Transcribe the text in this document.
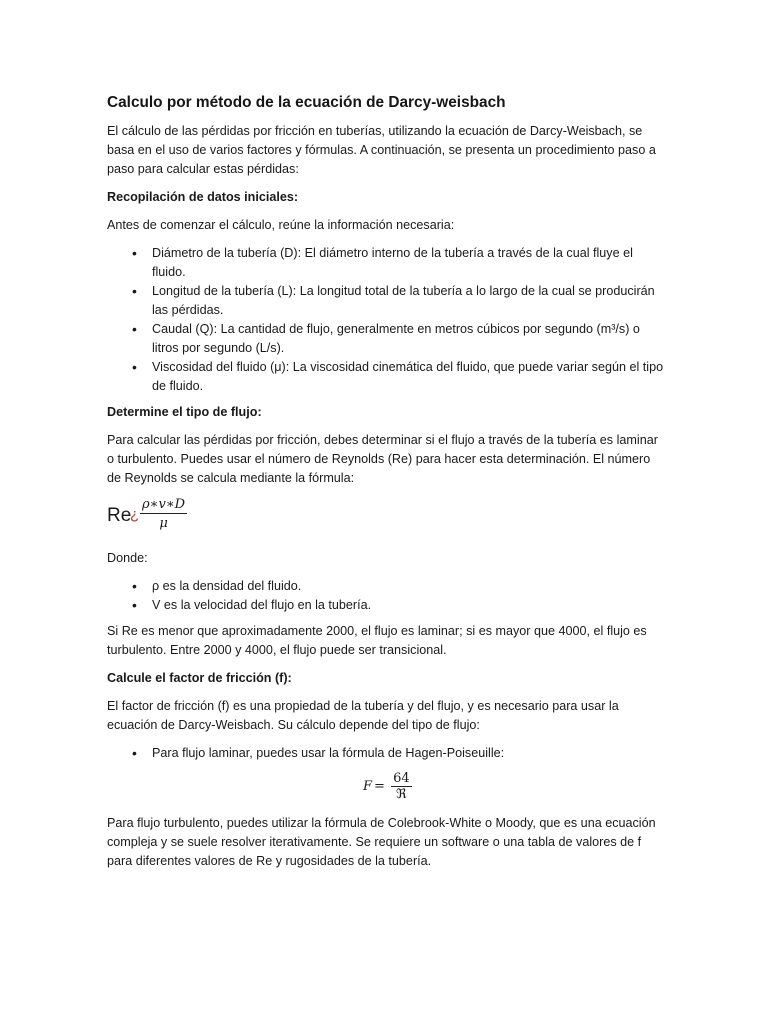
Calculo por método de la ecuación de Darcy-weisbach

El cálculo de las pérdidas por fricción en tuberías, utilizando la ecuación de Darcy-Weisbach, se basa en el uso de varios factores y fórmulas. A continuación, se presenta un procedimiento paso a paso para calcular estas pérdidas:

Recopilación de datos iniciales:

Antes de comenzar el cálculo, reúne la información necesaria:

• Diámetro de la tubería (D): El diámetro interno de la tubería a través de la cual fluye el fluido.
• Longitud de la tubería (L): La longitud total de la tubería a lo largo de la cual se producirán las pérdidas.
• Caudal (Q): La cantidad de flujo, generalmente en metros cúbicos por segundo (m³/s) o litros por segundo (L/s).
• Viscosidad del fluido (μ): La viscosidad cinemática del fluido, que puede variar según el tipo de fluido.

Determine el tipo de flujo:

Para calcular las pérdidas por fricción, debes determinar si el flujo a través de la tubería es laminar o turbulento. Puedes usar el número de Reynolds (Re) para hacer esta determinación. El número de Reynolds se calcula mediante la fórmula:

Re
¿ $\frac{\rho∗v∗D}{\mu}$

Donde:

• ρ es la densidad del fluido.
• V es la velocidad del flujo en la tubería.

Si Re es menor que aproximadamente 2000, el flujo es laminar; si es mayor que 4000, el flujo es turbulento. Entre 2000 y 4000, el flujo puede ser transicional.

Calcule el factor de fricción (f):

El factor de fricción (f) es una propiedad de la tubería y del flujo, y es necesario para usar la ecuación de Darcy-Weisbach. Su cálculo depende del tipo de flujo:

• Para flujo laminar, puedes usar la fórmula de Hagen-Poiseuille:
$F = \frac{64}{\text{ℜ}}$

Para flujo turbulento, puedes utilizar la fórmula de Colebrook-White o Moody, que es una ecuación compleja y se suele resolver iterativamente. Se requiere un software o una tabla de valores de f para diferentes valores de Re y rugosidades de la tubería.
